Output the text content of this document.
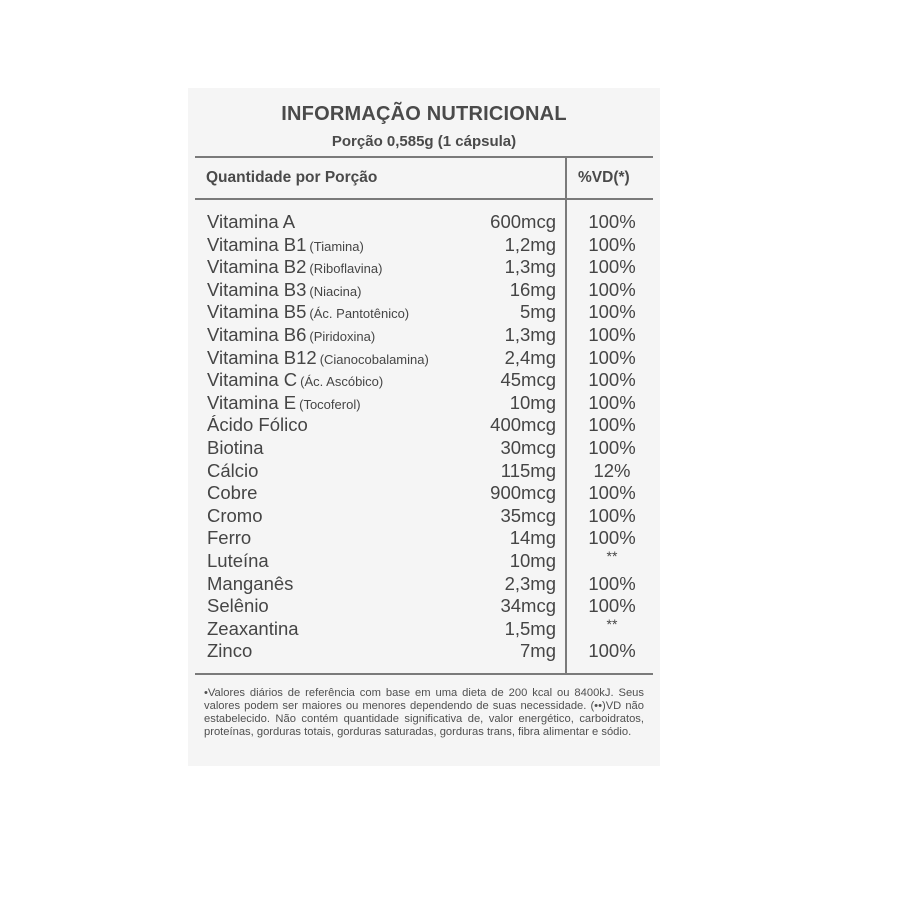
INFORMAÇÃO NUTRICIONAL
Porção 0,585g (1 cápsula)
Quantidade por Porção	%VD(*)
Vitamina A	600mcg	100%
Vitamina B1 (Tiamina)	1,2mg	100%
Vitamina B2 (Riboflavina)	1,3mg	100%
Vitamina B3 (Niacina)	16mg	100%
Vitamina B5 (Ác. Pantotênico)	5mg	100%
Vitamina B6 (Piridoxina)	1,3mg	100%
Vitamina B12 (Cianocobalamina)	2,4mg	100%
Vitamina C (Ác. Ascóbico)	45mcg	100%
Vitamina E (Tocoferol)	10mg	100%
Ácido Fólico	400mcg	100%
Biotina	30mcg	100%
Cálcio	115mg	12%
Cobre	900mcg	100%
Cromo	35mcg	100%
Ferro	14mg	100%
Luteína	10mg	**
Manganês	2,3mg	100%
Selênio	34mcg	100%
Zeaxantina	1,5mg	**
Zinco	7mg	100%
•Valores diários de referência com base em uma dieta de 200 kcal ou 8400kJ. Seus valores podem ser maiores ou menores dependendo de suas necessidade. (••)VD não estabelecido. Não contém quantidade significativa de, valor energético, carboidratos, proteínas, gorduras totais, gorduras saturadas, gorduras trans, fibra alimentar e sódio.
